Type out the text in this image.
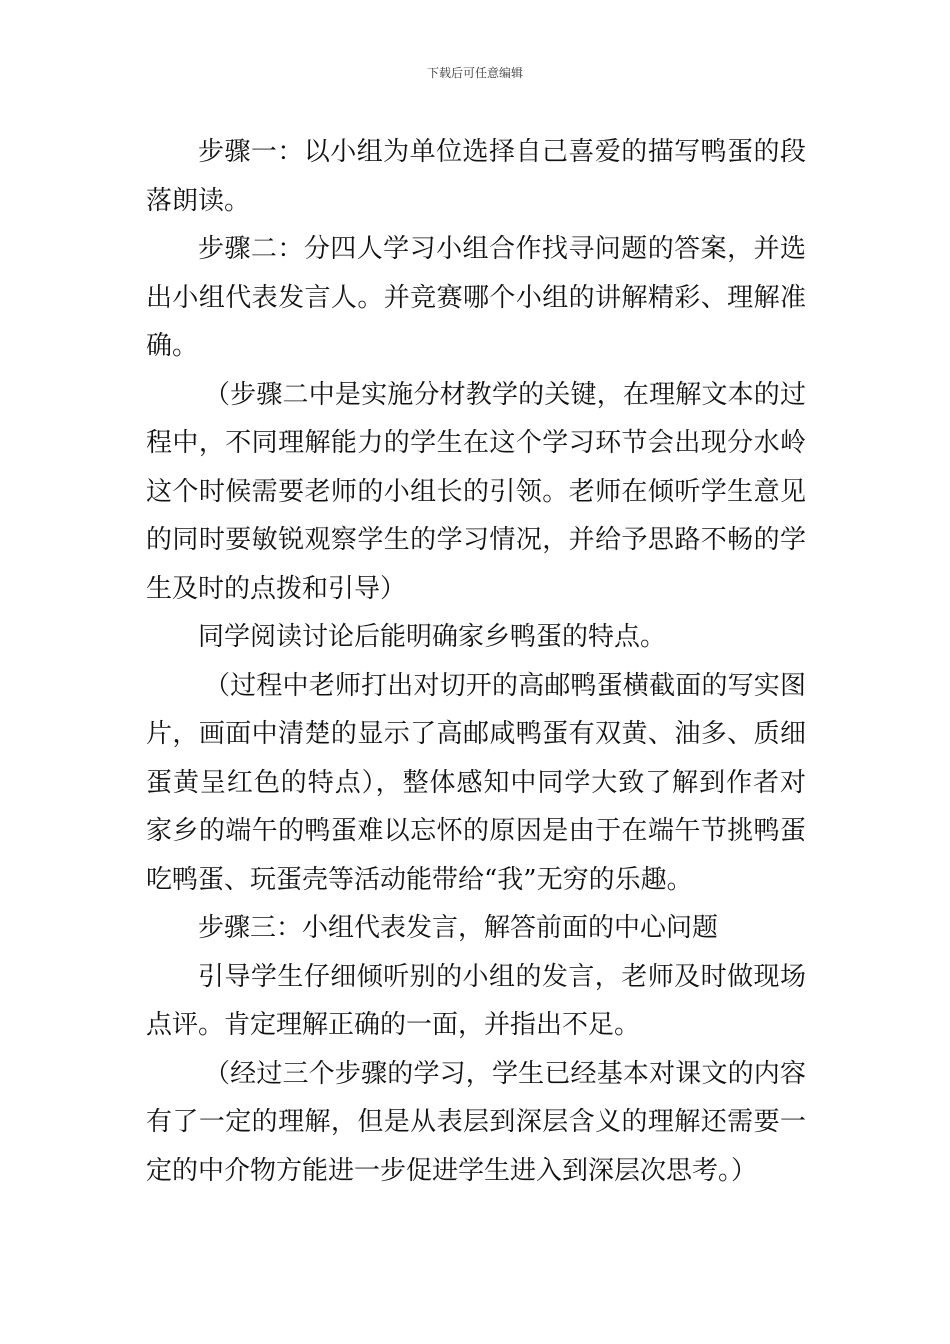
下载后可任意编辑

步骤一：以小组为单位选择自己喜爱的描写鸭蛋的段落朗读。

步骤二：分四人学习小组合作找寻问题的答案，并选出小组代表发言人。并竞赛哪个小组的讲解精彩、理解准确。

（步骤二中是实施分材教学的关键，在理解文本的过程中，不同理解能力的学生在这个学习环节会出现分水岭这个时候需要老师的小组长的引领。老师在倾听学生意见的同时要敏锐观察学生的学习情况，并给予思路不畅的学生及时的点拨和引导）

同学阅读讨论后能明确家乡鸭蛋的特点。

（过程中老师打出对切开的高邮鸭蛋横截面的写实图片，画面中清楚的显示了高邮咸鸭蛋有双黄、油多、质细蛋黄呈红色的特点），整体感知中同学大致了解到作者对家乡的端午的鸭蛋难以忘怀的原因是由于在端午节挑鸭蛋吃鸭蛋、玩蛋壳等活动能带给“我”无穷的乐趣。

步骤三：小组代表发言，解答前面的中心问题

引导学生仔细倾听别的小组的发言，老师及时做现场点评。肯定理解正确的一面，并指出不足。

（经过三个步骤的学习，学生已经基本对课文的内容有了一定的理解，但是从表层到深层含义的理解还需要一定的中介物方能进一步促进学生进入到深层次思考。）
